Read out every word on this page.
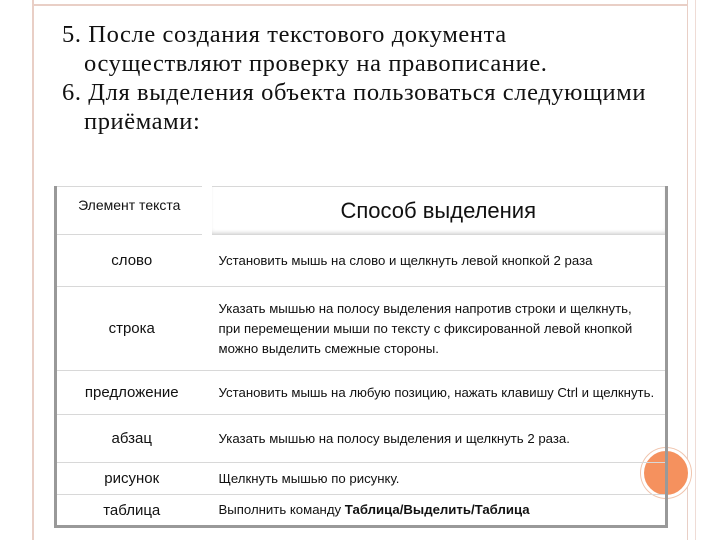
5. После создания текстового документа осуществляют проверку на правописание.

6. Для выделения объекта пользоваться следующими приёмами:

Элемент текста	Способ выделения
слово	Установить мышь на слово и щелкнуть левой кнопкой 2 раза
строка	Указать мышью на полосу выделения напротив строки и щелкнуть, при перемещении мыши по тексту с фиксированной левой кнопкой можно выделить смежные стороны.
предложение	Установить мышь на любую позицию, нажать клавишу Ctrl и щелкнуть.
абзац	Указать мышью на полосу выделения и щелкнуть 2 раза.
рисунок	Щелкнуть мышью по рисунку.
таблица	Выполнить команду Таблица/Выделить/Таблица
